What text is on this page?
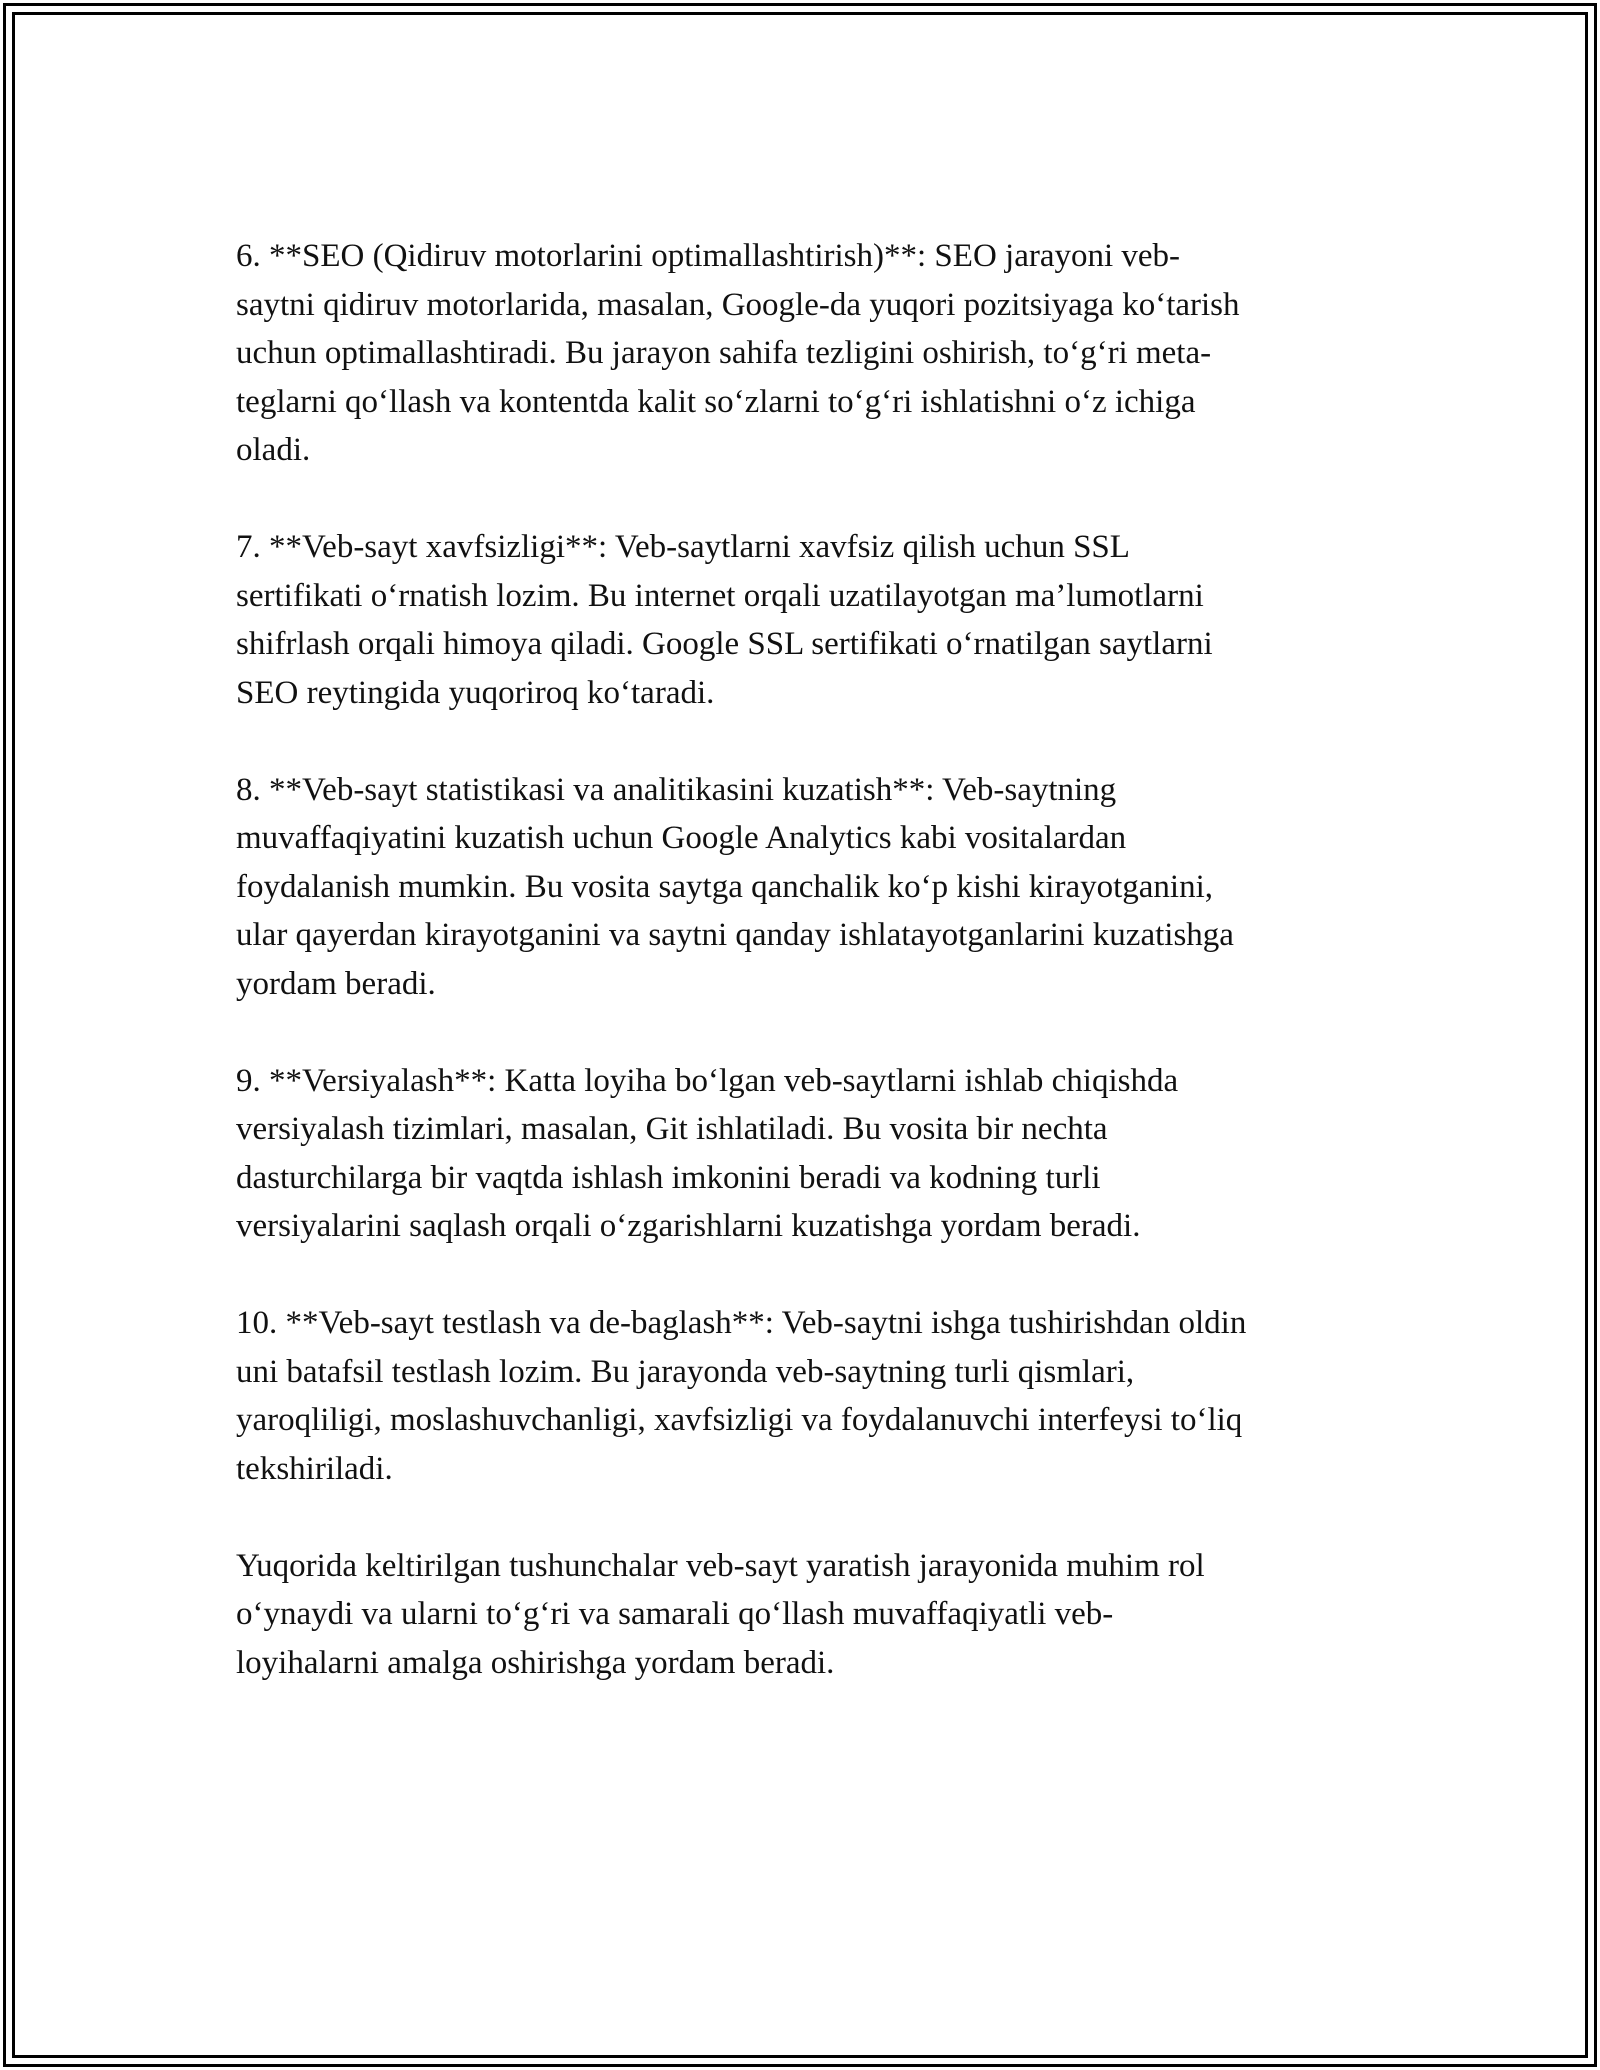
6. **SEO (Qidiruv motorlarini optimallashtirish)**: SEO jarayoni veb-
saytni qidiruv motorlarida, masalan, Google-da yuqori pozitsiyaga ko‘tarish
uchun optimallashtiradi. Bu jarayon sahifa tezligini oshirish, to‘g‘ri meta-
teglarni qo‘llash va kontentda kalit so‘zlarni to‘g‘ri ishlatishni o‘z ichiga
oladi.

7. **Veb-sayt xavfsizligi**: Veb-saytlarni xavfsiz qilish uchun SSL
sertifikati o‘rnatish lozim. Bu internet orqali uzatilayotgan ma’lumotlarni
shifrlash orqali himoya qiladi. Google SSL sertifikati o‘rnatilgan saytlarni
SEO reytingida yuqoriroq ko‘taradi.

8. **Veb-sayt statistikasi va analitikasini kuzatish**: Veb-saytning
muvaffaqiyatini kuzatish uchun Google Analytics kabi vositalardan
foydalanish mumkin. Bu vosita saytga qanchalik ko‘p kishi kirayotganini,
ular qayerdan kirayotganini va saytni qanday ishlatayotganlarini kuzatishga
yordam beradi.

9. **Versiyalash**: Katta loyiha bo‘lgan veb-saytlarni ishlab chiqishda
versiyalash tizimlari, masalan, Git ishlatiladi. Bu vosita bir nechta
dasturchilarga bir vaqtda ishlash imkonini beradi va kodning turli
versiyalarini saqlash orqali o‘zgarishlarni kuzatishga yordam beradi.

10. **Veb-sayt testlash va de-baglash**: Veb-saytni ishga tushirishdan oldin
uni batafsil testlash lozim. Bu jarayonda veb-saytning turli qismlari,
yaroqliligi, moslashuvchanligi, xavfsizligi va foydalanuvchi interfeysi to‘liq
tekshiriladi.

Yuqorida keltirilgan tushunchalar veb-sayt yaratish jarayonida muhim rol
o‘ynaydi va ularni to‘g‘ri va samarali qo‘llash muvaffaqiyatli veb-
loyihalarni amalga oshirishga yordam beradi.
